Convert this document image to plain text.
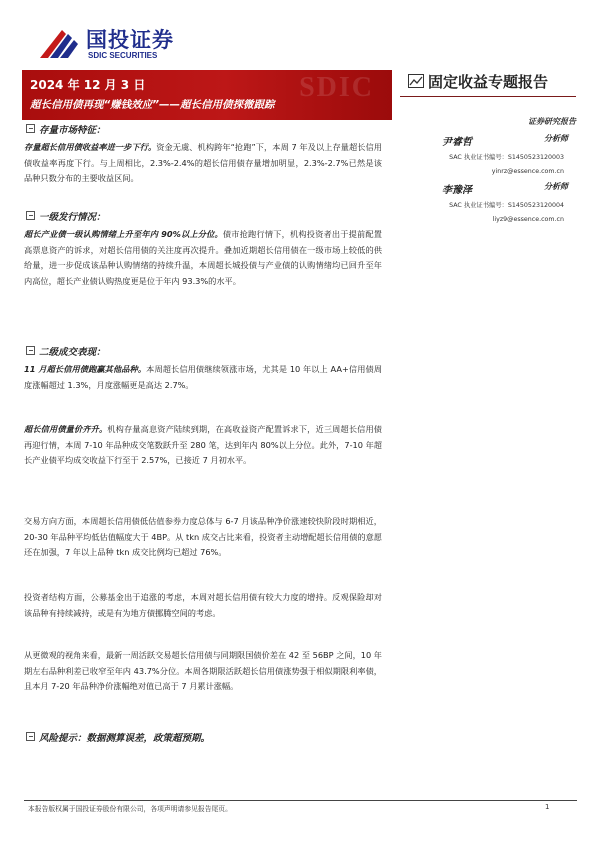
国投证券
SDIC SECURITIES
SDIC
2024 年 12 月 3 日
超长信用债再现“赚钱效应”——超长信用债探微跟踪
固定收益专题报告
证券研究报告
尹睿哲	分析师
SAC 执业证书编号：S1450523120003
yinrz@essence.com.cn
李豫泽	分析师
SAC 执业证书编号：S1450523120004
liyz9@essence.com.cn
存量市场特征：
存量超长信用债收益率进一步下行。资金无虞、机构跨年“抢跑”下，本周 7 年及以上存量超长信用债收益率再度下行。与上周相比，2.3%-2.4%的超长信用债存量增加明显，2.3%-2.7%已然是该品种只数分布的主要收益区间。
一级发行情况：
超长产业债一级认购情绪上升至年内 90%以上分位。债市抢跑行情下，机构投资者出于提前配置高票息资产的诉求，对超长信用债的关注度再次提升。叠加近期超长信用债在一级市场上较低的供给量，进一步促成该品种认购情绪的持续升温，本周超长城投债与产业债的认购情绪均已回升至年内高位，超长产业债认购热度更是位于年内 93.3%的水平。
二级成交表现：
11 月超长信用债跑赢其他品种。本周超长信用债继续领涨市场，尤其是 10 年以上 AA+信用债周度涨幅超过 1.3%，月度涨幅更是高达 2.7%。
超长信用债量价齐升。机构存量高息资产陆续到期，在高收益资产配置诉求下，近三周超长信用债再迎行情，本周 7-10 年品种成交笔数跃升至 280 笔，达到年内 80%以上分位。此外，7-10 年超长产业债平均成交收益下行至于 2.57%，已接近 7 月初水平。
交易方向方面，本周超长信用债低估值参券力度总体与 6-7 月该品种净价涨速较快阶段时期相近，20-30 年品种平均低估值幅度大于 4BP。从 tkn 成交占比来看，投资者主动增配超长信用债的意愿还在加强，7 年以上品种 tkn 成交比例均已超过 76%。
投资者结构方面，公募基金出于追涨的考虑，本周对超长信用债有较大力度的增持。反观保险却对该品种有持续减持，或是有为地方债挪腾空间的考虑。
从更微观的视角来看，最新一周活跃交易超长信用债与同期限国债价差在 42 至 56BP 之间，10 年期左右品种利差已收窄至年内 43.7%分位。本周各期限活跃超长信用债涨势强于相似期限利率债，且本月 7-20 年品种净价涨幅绝对值已高于 7 月累计涨幅。
风险提示：数据测算误差，政策超预期。
本报告版权属于国投证券股份有限公司，各项声明请参见报告尾页。	1
